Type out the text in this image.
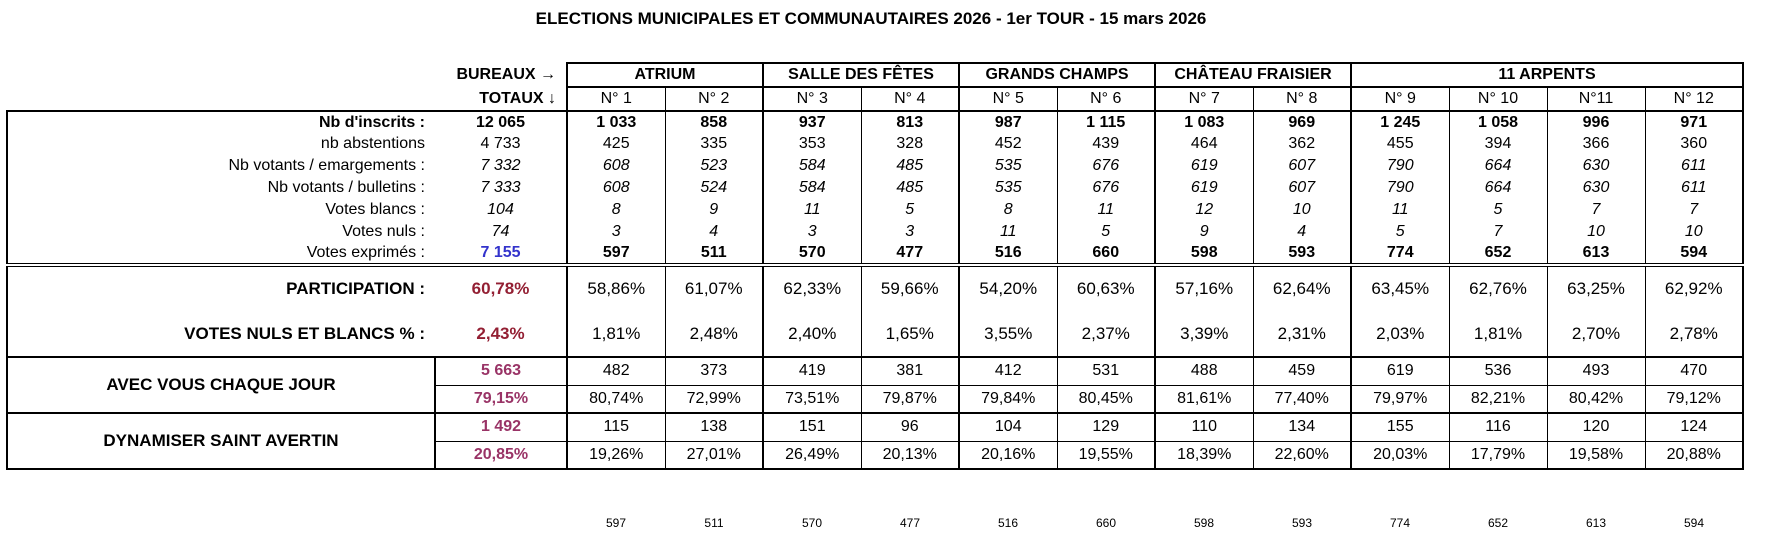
ELECTIONS MUNICIPALES ET COMMUNAUTAIRES 2026 - 1er TOUR - 15 mars 2026
BUREAUX →		ATRIUM		SALLE DES FÊTES		GRANDS CHAMPS		CHÂTEAU FRAISIER		11 ARPENTS			
TOTAUX ↓		N° 1	N° 2	N° 3	N° 4	N° 5	N° 6	N° 7	N° 8	N° 9	N° 10	N°11	N° 12
Nb d'inscrits :	12 065	1 033	858	937	813	987	1 115	1 083	969	1 245	1 058	996	971
nb abstentions	4 733	425	335	353	328	452	439	464	362	455	394	366	360
Nb votants / emargements :	7 332	608	523	584	485	535	676	619	607	790	664	630	611
Nb votants / bulletins :	7 333	608	524	584	485	535	676	619	607	790	664	630	611
Votes blancs :	104	8	9	11	5	8	11	12	10	11	5	7	7
Votes nuls :	74	3	4	3	3	11	5	9	4	5	7	10	10
Votes exprimés :	7 155	597	511	570	477	516	660	598	593	774	652	613	594
PARTICIPATION :	60,78%	58,86%	61,07%	62,33%	59,66%	54,20%	60,63%	57,16%	62,64%	63,45%	62,76%	63,25%	62,92%
VOTES NULS ET BLANCS % :	2,43%	1,81%	2,48%	2,40%	1,65%	3,55%	2,37%	3,39%	2,31%	2,03%	1,81%	2,70%	2,78%
AVEC VOUS CHAQUE JOUR	5 663	482	373	419	381	412	531	488	459	619	536	493	470
	79,15%	80,74%	72,99%	73,51%	79,87%	79,84%	80,45%	81,61%	77,40%	79,97%	82,21%	80,42%	79,12%
DYNAMISER SAINT AVERTIN	1 492	115	138	151	96	104	129	110	134	155	116	120	124
	20,85%	19,26%	27,01%	26,49%	20,13%	20,16%	19,55%	18,39%	22,60%	20,03%	17,79%	19,58%	20,88%

		597	511	570	477	516	660	598	593	774	652	613	594
